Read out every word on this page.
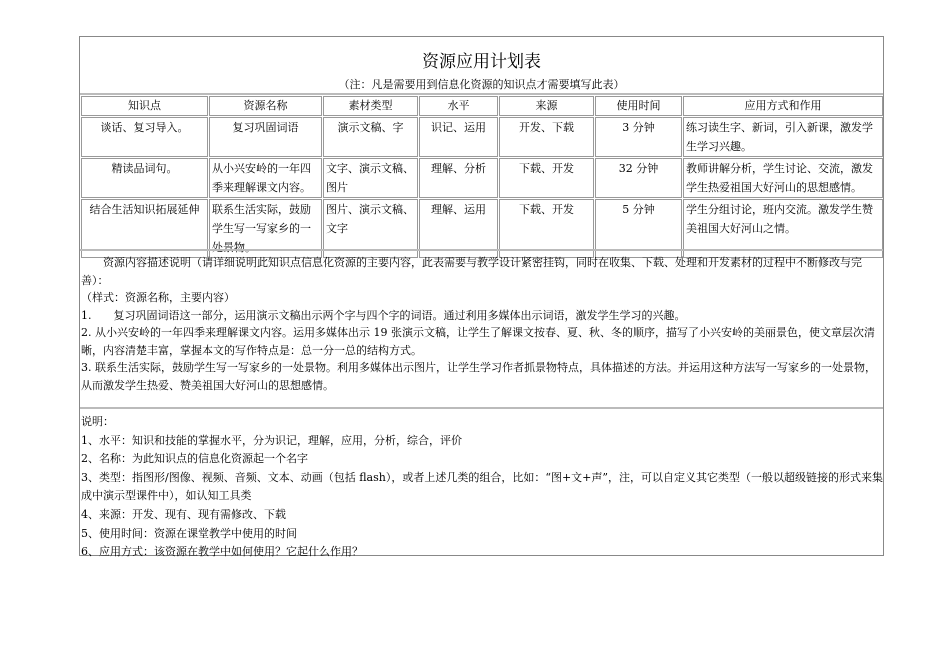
资源应用计划表
（注：凡是需要用到信息化资源的知识点才需要填写此表）
知识点	资源名称	素材类型	水平	来源	使用时间	应用方式和作用
谈话、复习导入。	复习巩固词语	演示文稿、字	识记、运用	开发、下载	3 分钟	练习读生字、新词，引入新课，激发学生学习兴趣。
精读品词句。	从小兴安岭的一年四季来理解课文内容。	文字、演示文稿、图片	理解、分析	下载、开发	32 分钟	教师讲解分析，学生讨论、交流，激发学生热爱祖国大好河山的思想感情。
结合生活知识拓展延伸	联系生活实际，鼓励学生写一写家乡的一处景物。	图片、演示文稿、文字	理解、运用	下载、开发	5 分钟	学生分组讨论，班内交流。激发学生赞美祖国大好河山之情。

资源内容描述说明（请详细说明此知识点信息化资源的主要内容，此表需要与教学设计紧密挂钩，同时在收集、下载、处理和开发素材的过程中不断修改与完善）：

（样式：资源名称，主要内容）

1.　　复习巩固词语这一部分，运用演示文稿出示两个字与四个字的词语。通过利用多媒体出示词语，激发学生学习的兴趣。

2. 从小兴安岭的一年四季来理解课文内容。运用多媒体出示 19 张演示文稿，让学生了解课文按春、夏、秋、冬的顺序，描写了小兴安岭的美丽景色，使文章层次清晰，内容清楚丰富，掌握本文的写作特点是：总一分一总的结构方式。

3. 联系生活实际，鼓励学生写一写家乡的一处景物。利用多媒体出示图片，让学生学习作者抓景物特点，具体描述的方法。并运用这种方法写一写家乡的一处景物，从而激发学生热爱、赞美祖国大好河山的思想感情。

说明：

1、水平：知识和技能的掌握水平，分为识记，理解，应用，分析，综合，评价

2、名称：为此知识点的信息化资源起一个名字

3、类型：指图形/图像、视频、音频、文本、动画（包括 flash），或者上述几类的组合，比如：“图+文+声”，注，可以自定义其它类型（一般以超级链接的形式来集成中演示型课件中），如认知工具类

4、来源：开发、现有、现有需修改、下载

5、使用时间：资源在课堂教学中使用的时间

6、应用方式：该资源在教学中如何使用？它起什么作用？
